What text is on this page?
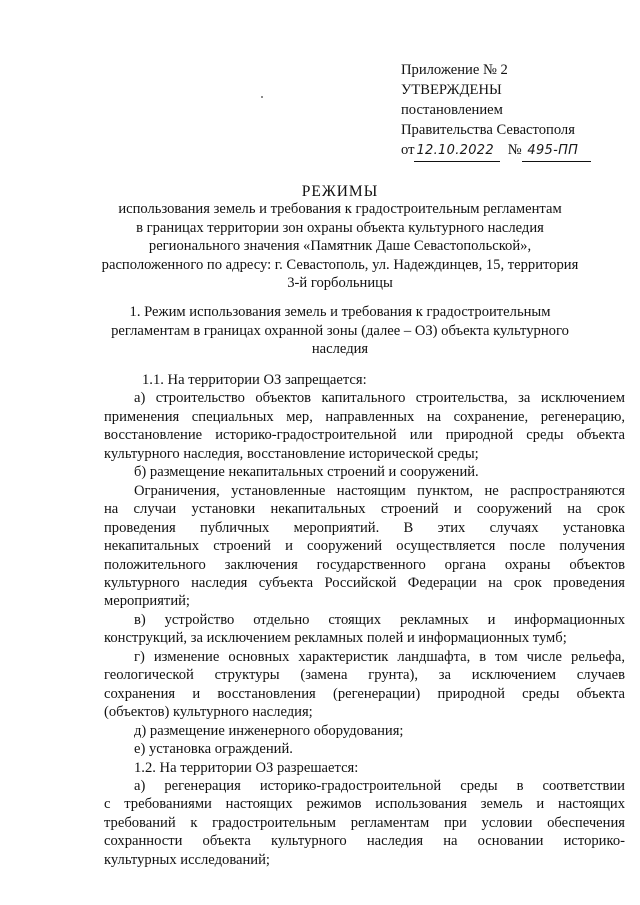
Приложение № 2
УТВЕРЖДЕНЫ
постановлением
Правительства Севастополя
от 12.10.2022 № 495-ПП
РЕЖИМЫ
использования земель и требования к градостроительным регламентам
в границах территории зон охраны объекта культурного наследия
регионального значения «Памятник Даше Севастопольской»,
расположенного по адресу: г. Севастополь, ул. Надеждинцев, 15, территория
3-й горбольницы
1. Режим использования земель и требования к градостроительным
регламентам в границах охранной зоны (далее – ОЗ) объекта культурного
наследия

1.1. На территории ОЗ запрещается:

а) строительство объектов капитального строительства, за исключением

применения специальных мер, направленных на сохранение, регенерацию,

восстановление историко-градостроительной или природной среды объекта

культурного наследия, восстановление исторической среды;

б) размещение некапитальных строений и сооружений.

Ограничения, установленные настоящим пунктом, не распространяются

на случаи установки некапитальных строений и сооружений на срок

проведения публичных мероприятий. В этих случаях установка

некапитальных строений и сооружений осуществляется после получения

положительного заключения государственного органа охраны объектов

культурного наследия субъекта Российской Федерации на срок проведения

мероприятий;

в) устройство отдельно стоящих рекламных и информационных

конструкций, за исключением рекламных полей и информационных тумб;

г) изменение основных характеристик ландшафта, в том числе рельефа,

геологической структуры (замена грунта), за исключением случаев

сохранения и восстановления (регенерации) природной среды объекта

(объектов) культурного наследия;

д) размещение инженерного оборудования;

е) установка ограждений.

1.2. На территории ОЗ разрешается:

а) регенерация историко-градостроительной среды в соответствии

с требованиями настоящих режимов использования земель и настоящих

требований к градостроительным регламентам при условии обеспечения

сохранности объекта культурного наследия на основании историко-

культурных исследований;
